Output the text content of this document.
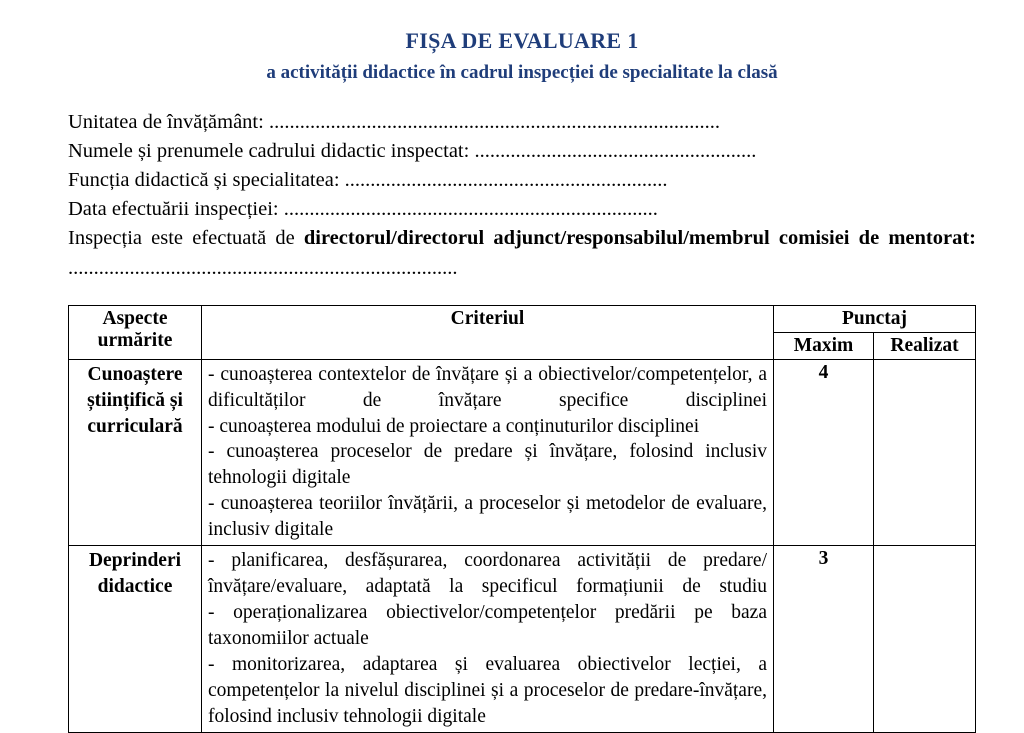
FIȘA DE EVALUARE 1
a activității didactice în cadrul inspecției de specialitate la clasă
Unitatea de învățământ: ........................................................................................
Numele și prenumele cadrului didactic inspectat: .......................................................
Funcția didactică și specialitatea: ...............................................................
Data efectuării inspecției: .........................................................................
Inspecția este efectuată de directorul/directorul adjunct/responsabilul/membrul comisiei de mentorat: ............................................................................
Aspecte urmărite	Criteriul	Punctaj	
		Maxim	Realizat
Cunoaștere științifică și curriculară	- cunoașterea contextelor de învățare și a obiectivelor/competențelor, a dificultăților de învățare specifice disciplinei

- cunoașterea modului de proiectare a conținuturilor disciplinei

- cunoașterea proceselor de predare și învățare, folosind inclusiv tehnologii digitale

- cunoașterea teoriilor învățării, a proceselor și metodelor de evaluare, inclusiv digitale	4	
Deprinderi didactice	- planificarea, desfășurarea, coordonarea activității de predare/învățare/evaluare, adaptată la specificul formațiunii de studiu

- operaționalizarea obiectivelor/competențelor predării pe baza taxonomiilor actuale

- monitorizarea, adaptarea și evaluarea obiectivelor lecției, a competențelor la nivelul disciplinei și a proceselor de predare-învățare, folosind inclusiv tehnologii digitale	3	
